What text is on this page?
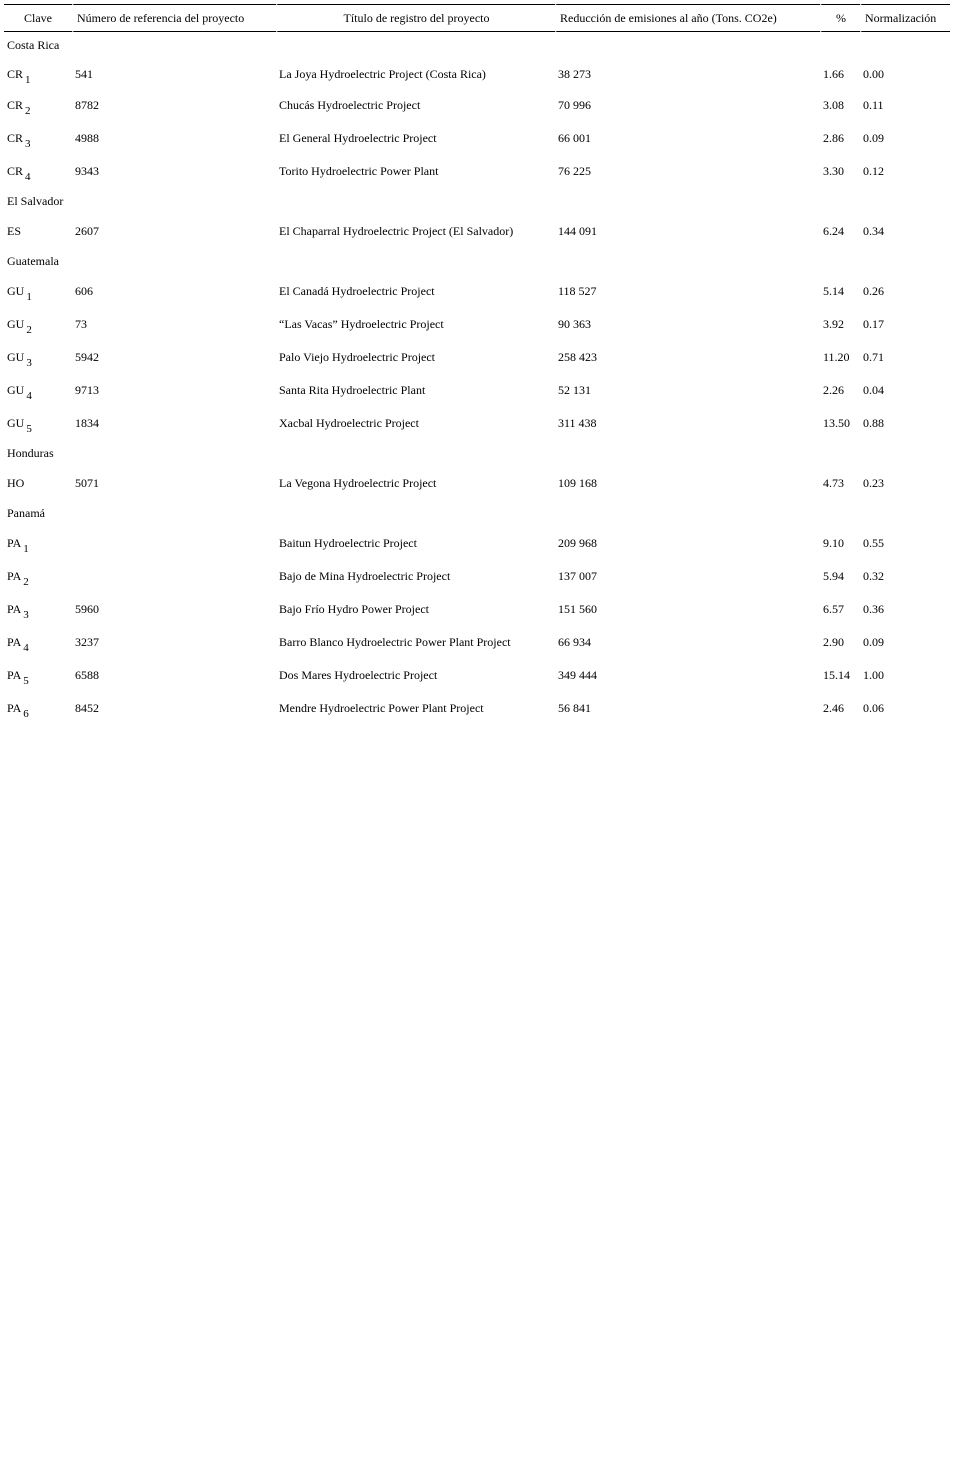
Clave	Número de referencia del proyecto	Título de registro del proyecto	Reducción de emisiones al año (Tons. CO2e)	%	Normalización
Costa Rica					
CR 1	541	La Joya Hydroelectric Project (Costa Rica)	38 273	1.66	0.00
CR 2	8782	Chucás Hydroelectric Project	70 996	3.08	0.11
CR 3	4988	El General Hydroelectric Project	66 001	2.86	0.09
CR 4	9343	Torito Hydroelectric Power Plant	76 225	3.30	0.12
El Salvador					
ES	2607	El Chaparral Hydroelectric Project (El Salvador)	144 091	6.24	0.34
Guatemala					
GU 1	606	El Canadá Hydroelectric Project	118 527	5.14	0.26
GU 2	73	“Las Vacas” Hydroelectric Project	90 363	3.92	0.17
GU 3	5942	Palo Viejo Hydroelectric Project	258 423	11.20	0.71
GU 4	9713	Santa Rita Hydroelectric Plant	52 131	2.26	0.04
GU 5	1834	Xacbal Hydroelectric Project	311 438	13.50	0.88
Honduras					
HO	5071	La Vegona Hydroelectric Project	109 168	4.73	0.23
Panamá					
PA 1		Baitun Hydroelectric Project	209 968	9.10	0.55
PA 2		Bajo de Mina Hydroelectric Project	137 007	5.94	0.32
PA 3	5960	Bajo Frío Hydro Power Project	151 560	6.57	0.36
PA 4	3237	Barro Blanco Hydroelectric Power Plant Project	66 934	2.90	0.09
PA 5	6588	Dos Mares Hydroelectric Project	349 444	15.14	1.00
PA 6	8452	Mendre Hydroelectric Power Plant Project	56 841	2.46	0.06
